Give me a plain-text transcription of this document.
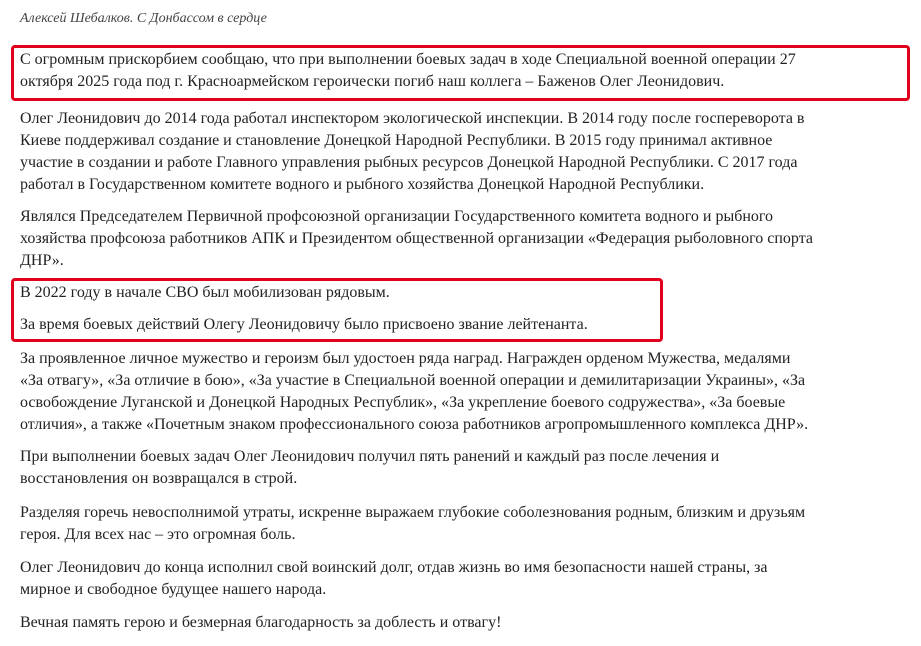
Алексей Шебалков. С Донбассом в сердце
С огромным прискорбием сообщаю, что при выполнении боевых задач в ходе Специальной военной операции 27
октября 2025 года под г. Красноармейском героически погиб наш коллега – Баженов Олег Леонидович.
Олег Леонидович до 2014 года работал инспектором экологической инспекции. В 2014 году после госпереворота в
Киеве поддерживал создание и становление Донецкой Народной Республики. В 2015 году принимал активное
участие в создании и работе Главного управления рыбных ресурсов Донецкой Народной Республики. С 2017 года
работал в Государственном комитете водного и рыбного хозяйства Донецкой Народной Республики.
Являлся Председателем Первичной профсоюзной организации Государственного комитета водного и рыбного
хозяйства профсоюза работников АПК и Президентом общественной организации «Федерация рыболовного спорта
ДНР».
В 2022 году в начале СВО был мобилизован рядовым.
За время боевых действий Олегу Леонидовичу было присвоено звание лейтенанта.
За проявленное личное мужество и героизм был удостоен ряда наград. Награжден орденом Мужества, медалями
«За отвагу», «За отличие в бою», «За участие в Специальной военной операции и демилитаризации Украины», «За
освобождение Луганской и Донецкой Народных Республик», «За укрепление боевого содружества», «За боевые
отличия», а также «Почетным знаком профессионального союза работников агропромышленного комплекса ДНР».
При выполнении боевых задач Олег Леонидович получил пять ранений и каждый раз после лечения и
восстановления он возвращался в строй.
Разделяя горечь невосполнимой утраты, искренне выражаем глубокие соболезнования родным, близким и друзьям
героя. Для всех нас – это огромная боль.
Олег Леонидович до конца исполнил свой воинский долг, отдав жизнь во имя безопасности нашей страны, за
мирное и свободное будущее нашего народа.
Вечная память герою и безмерная благодарность за доблесть и отвагу!
